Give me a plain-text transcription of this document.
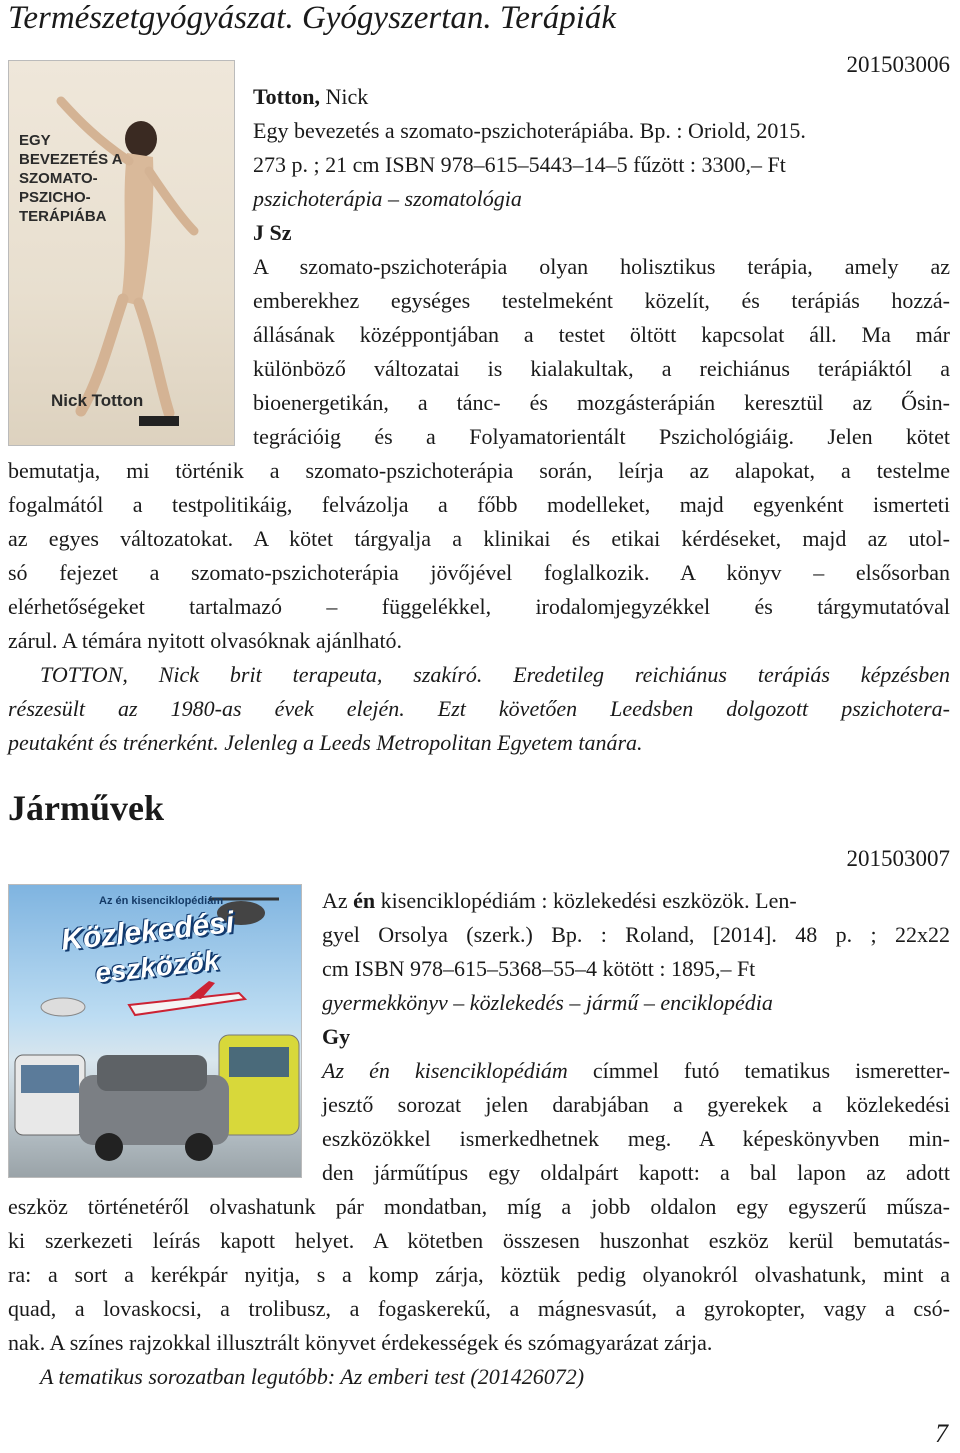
Természetgyógyászat. Gyógyszertan. Terápiák
201503006
EGY BEVEZETÉS A SZOMATO-PSZICHO-TERÁPIÁBA
Nick Totton
Totton, Nick
Egy bevezetés a szomato-pszichoterápiába. Bp. : Oriold, 2015.
273 p. ; 21 cm ISBN 978–615–5443–14–5 fűzött : 3300,– Ft
pszichoterápia – szomatológia
J Sz
A szomato-pszichoterápia olyan holisztikus terápia, amely az
emberekhez egységes testelmeként közelít, és terápiás hozzá-
állásának középpontjában a testet öltött kapcsolat áll. Ma már
különböző változatai is kialakultak, a reichiánus terápiáktól a
bioenergetikán, a tánc- és mozgásterápián keresztül az Ősin-
tegrációig és a Folyamatorientált Pszichológiáig. Jelen kötet
bemutatja, mi történik a szomato-pszichoterápia során, leírja az alapokat, a testelme
fogalmától a testpolitikáig, felvázolja a főbb modelleket, majd egyenként ismerteti
az egyes változatokat. A kötet tárgyalja a klinikai és etikai kérdéseket, majd az utol-
só fejezet a szomato-pszichoterápia jövőjével foglalkozik. A könyv – elsősorban
elérhetőségeket tartalmazó – függelékkel, irodalomjegyzékkel és tárgymutatóval
zárul. A témára nyitott olvasóknak ajánlható.
TOTTON, Nick brit terapeuta, szakíró. Eredetileg reichiánus terápiás képzésben
részesült az 1980-as évek elején. Ezt követően Leedsben dolgozott pszichotera-
peutaként és trénerként. Jelenleg a Leeds Metropolitan Egyetem tanára.
Járművek
201503007
Az én kisenciklopédiám
Közlekedési
eszközök
Az én kisenciklopédiám : közlekedési eszközök. Len-
gyel Orsolya (szerk.) Bp. : Roland, [2014]. 48 p. ; 22x22
cm ISBN 978–615–5368–55–4 kötött : 1895,– Ft
gyermekkönyv – közlekedés – jármű – enciklopédia
Gy
Az én kisenciklopédiám címmel futó tematikus ismeretter-
jesztő sorozat jelen darabjában a gyerekek a közlekedési
eszközökkel ismerkedhetnek meg. A képeskönyvben min-
den járműtípus egy oldalpárt kapott: a bal lapon az adott
eszköz történetéről olvashatunk pár mondatban, míg a jobb oldalon egy egyszerű műsza-
ki szerkezeti leírás kapott helyet. A kötetben összesen huszonhat eszköz kerül bemutatás-
ra: a sort a kerékpár nyitja, s a komp zárja, köztük pedig olyanokról olvashatunk, mint a
quad, a lovaskocsi, a trolibusz, a fogaskerekű, a mágnesvasút, a gyrokopter, vagy a csó-
nak. A színes rajzokkal illusztrált könyvet érdekességek és szómagyarázat zárja.
A tematikus sorozatban legutóbb: Az emberi test (201426072)
7
